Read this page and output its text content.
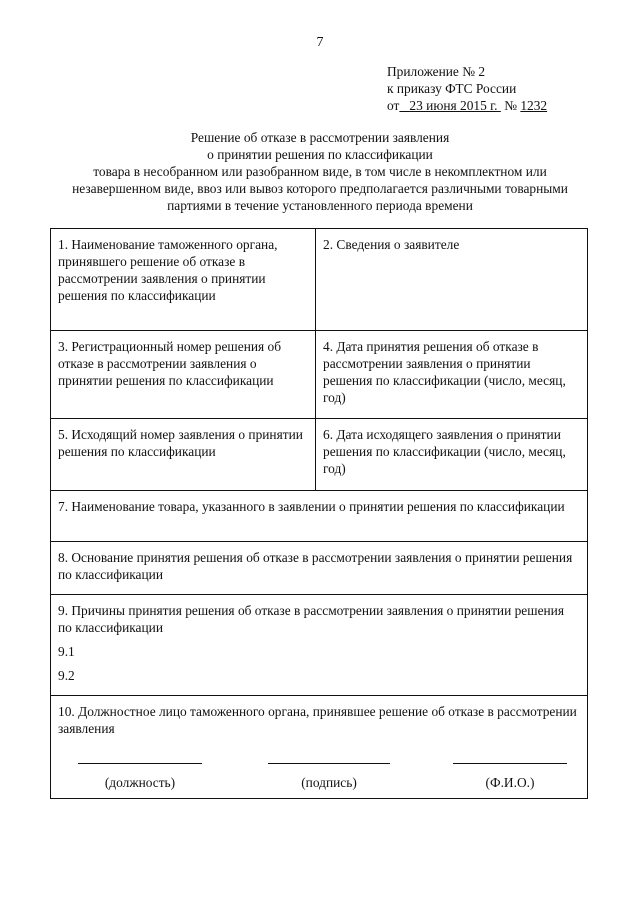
7
Приложение № 2
к приказу ФТС России
от 23 июня 2015 г. № 1232
Решение об отказе в рассмотрении заявления
о принятии решения по классификации
товара в несобранном или разобранном виде, в том числе в некомплектном или
незавершенном виде, ввоз или вывоз которого предполагается различными товарными
партиями в течение установленного периода времени
1. Наименование таможенного органа, принявшего решение об отказе в рассмотрении заявления о принятии решения по классификации
2. Сведения о заявителе
3. Регистрационный номер решения об отказе в рассмотрении заявления о принятии решения по классификации
4. Дата принятия решения об отказе в рассмотрении заявления о принятии решения по классификации (число, месяц, год)
5. Исходящий номер заявления о принятии решения по классификации
6. Дата исходящего заявления о принятии решения по классификации (число, месяц, год)
7. Наименование товара, указанного в заявлении о принятии решения по классификации
8. Основание принятия решения об отказе в рассмотрении заявления о принятии решения по классификации
9. Причины принятия решения об отказе в рассмотрении заявления о принятии решения по классификации
9.1
9.2
10. Должностное лицо таможенного органа, принявшее решение об отказе в рассмотрении заявления
(должность)	(подпись)	(Ф.И.О.)
